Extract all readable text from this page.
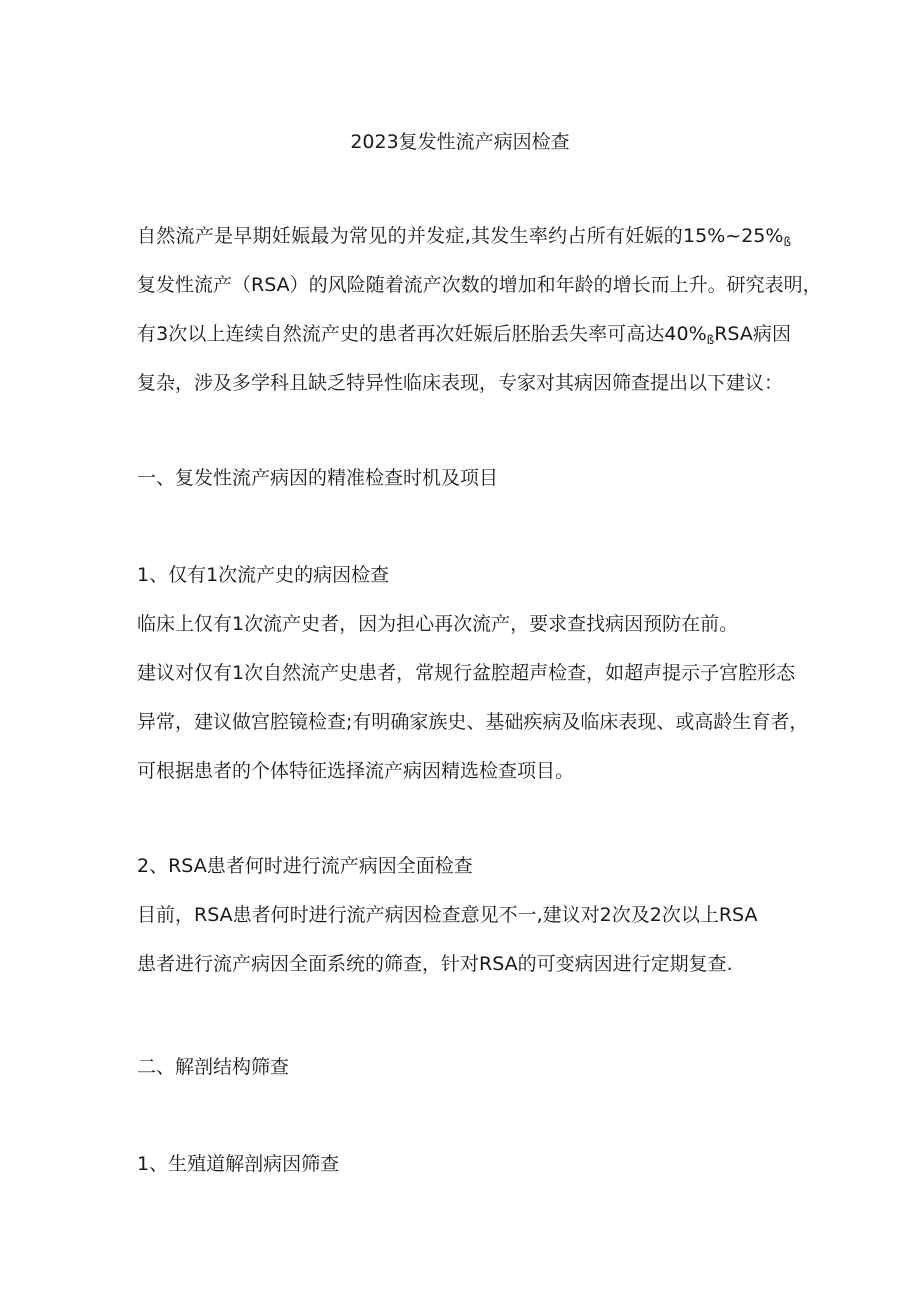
2023复发性流产病因检查
自然流产是早期妊娠最为常见的并发症,其发生率约占所有妊娠的$15\%\sim 25\%_ß$
复发性流产（RSA）的风险随着流产次数的增加和年龄的增长而上升。研究表明，
有3次以上连续自然流产史的患者再次妊娠后胚胎丢失率可高达$40\%_ßRSA$病因
复杂，涉及多学科且缺乏特异性临床表现，专家对其病因筛查提出以下建议：
一、复发性流产病因的精准检查时机及项目
1、仅有1次流产史的病因检查
临床上仅有1次流产史者，因为担心再次流产，要求查找病因预防在前。
建议对仅有1次自然流产史患者，常规行盆腔超声检查，如超声提示子宫腔形态
异常，建议做宫腔镜检查;有明确家族史、基础疾病及临床表现、或高龄生育者，
可根据患者的个体特征选择流产病因精选检查项目。
2、RSA患者何时进行流产病因全面检查
目前，RSA患者何时进行流产病因检查意见不一,建议对2次及2次以上RSA
患者进行流产病因全面系统的筛查，针对RSA的可变病因进行定期复查.
二、解剖结构筛查
1、生殖道解剖病因筛查
